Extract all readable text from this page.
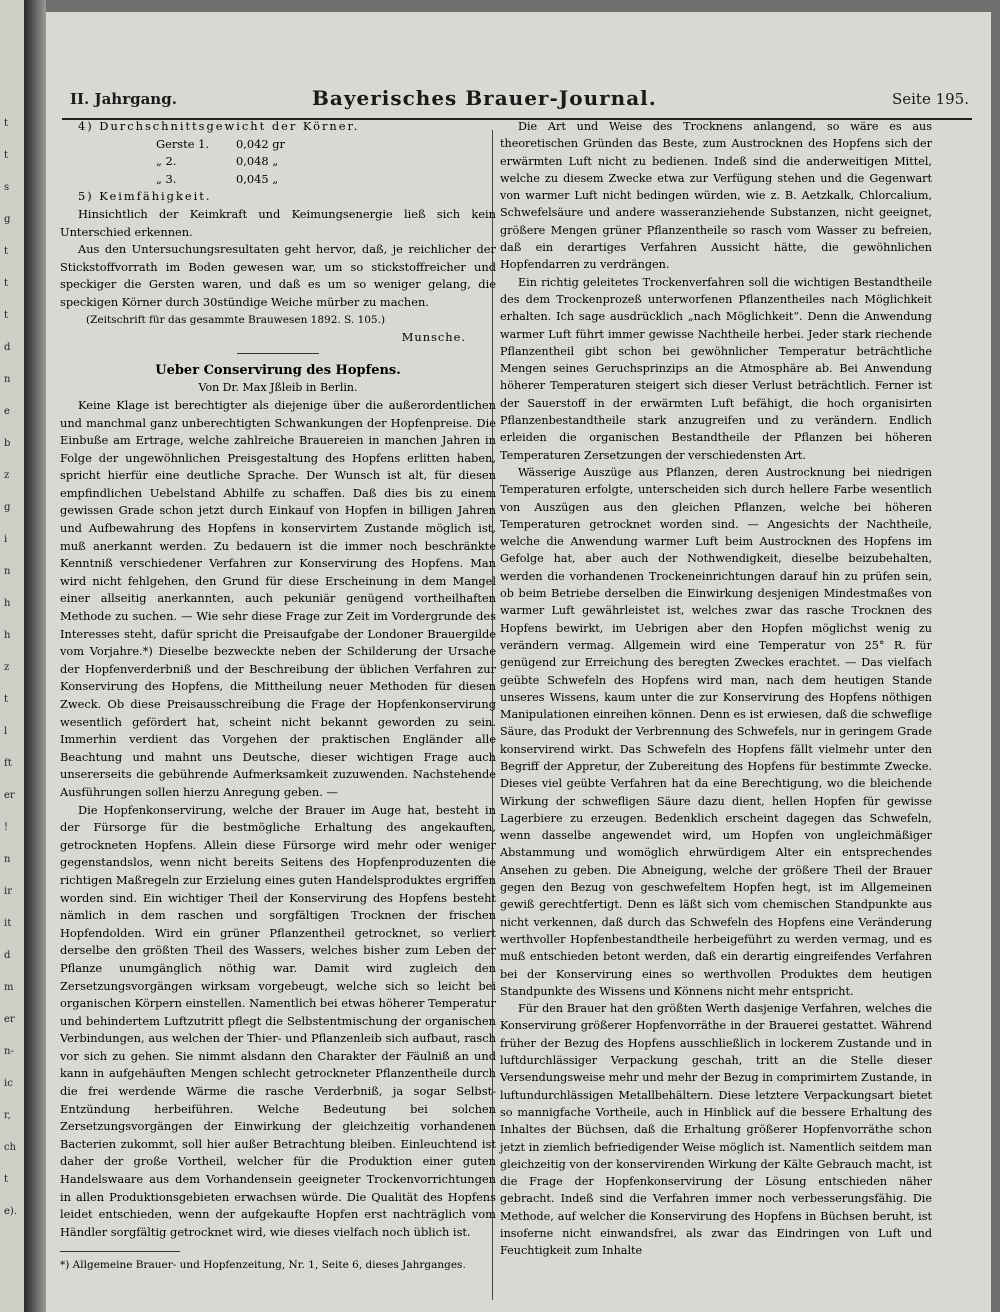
t
t
s
g
t
t
t
d
n
e
b
z
g
i
n
h
h
z
t
l
ft
er
!
n
ir
it
d
m
er
n-
ic
r,
ch
t
e).
II. Jahrgang.	Bayerisches Brauer-Journal.	Seite 195.

4) Durchschnittsgewicht der Körner.

Gerste 1. 0,042 gr

„ 2.	0,048 „

„ 3.	0,045 „

5) Keimfähigkeit.

Hinsichtlich der Keimkraft und Keimungsenergie ließ sich kein Unterschied erkennen.

Aus den Untersuchungsresultaten geht hervor, daß, je reichlicher der Stickstoffvorrath im Boden gewesen war, um so stickstoffreicher und speckiger die Gersten waren, und daß es um so weniger gelang, die speckigen Körner durch 30stündige Weiche mürber zu machen.

(Zeitschrift für das gesammte Brauwesen 1892. S. 105.)

Munsche.

Ueber Conservirung des Hopfens.

Von Dr. Max Jßleib in Berlin.

Keine Klage ist berechtigter als diejenige über die außerordentlichen und manchmal ganz unberechtigten Schwankungen der Hopfenpreise. Die Einbuße am Ertrage, welche zahlreiche Brauereien in manchen Jahren in Folge der ungewöhnlichen Preisgestaltung des Hopfens erlitten haben, spricht hierfür eine deutliche Sprache. Der Wunsch ist alt, für diesen empfindlichen Uebelstand Abhilfe zu schaffen. Daß dies bis zu einem gewissen Grade schon jetzt durch Einkauf von Hopfen in billigen Jahren und Aufbewahrung des Hopfens in konservirtem Zustande möglich ist, muß anerkannt werden. Zu bedauern ist die immer noch beschränkte Kenntniß verschiedener Verfahren zur Konservirung des Hopfens. Man wird nicht fehlgehen, den Grund für diese Erscheinung in dem Mangel einer allseitig anerkannten, auch pekuniär genügend vortheilhaften Methode zu suchen. — Wie sehr diese Frage zur Zeit im Vordergrunde des Interesses steht, dafür spricht die Preisaufgabe der Londoner Brauergilde vom Vorjahre.*) Dieselbe bezweckte neben der Schilderung der Ursache der Hopfenverderbniß und der Beschreibung der üblichen Verfahren zur Konservirung des Hopfens, die Mittheilung neuer Methoden für diesen Zweck. Ob diese Preisausschreibung die Frage der Hopfenkonservirung wesentlich gefördert hat, scheint nicht bekannt geworden zu sein. Immerhin verdient das Vorgehen der praktischen Engländer alle Beachtung und mahnt uns Deutsche, dieser wichtigen Frage auch unsererseits die gebührende Aufmerksamkeit zuzuwenden. Nachstehende Ausführungen sollen hierzu Anregung geben. —

Die Hopfenkonservirung, welche der Brauer im Auge hat, besteht in der Fürsorge für die bestmögliche Erhaltung des angekauften, getrockneten Hopfens. Allein diese Fürsorge wird mehr oder weniger gegenstandslos, wenn nicht bereits Seitens des Hopfenproduzenten die richtigen Maßregeln zur Erzielung eines guten Handelsproduktes ergriffen worden sind. Ein wichtiger Theil der Konservirung des Hopfens besteht nämlich in dem raschen und sorgfältigen Trocknen der frischen Hopfendolden. Wird ein grüner Pflanzentheil getrocknet, so verliert derselbe den größten Theil des Wassers, welches bisher zum Leben der Pflanze unumgänglich nöthig war. Damit wird zugleich den Zersetzungsvorgängen wirksam vorgebeugt, welche sich so leicht bei organischen Körpern einstellen. Namentlich bei etwas höherer Temperatur und behindertem Luftzutritt pflegt die Selbstentmischung der organischen Verbindungen, aus welchen der Thier- und Pflanzenleib sich aufbaut, rasch vor sich zu gehen. Sie nimmt alsdann den Charakter der Fäulniß an und kann in aufgehäuften Mengen schlecht getrockneter Pflanzentheile durch die frei werdende Wärme die rasche Verderbniß, ja sogar Selbst-Entzündung herbeiführen. Welche Bedeutung bei solchen Zersetzungsvorgängen der Einwirkung der gleichzeitig vorhandenen Bacterien zukommt, soll hier außer Betrachtung bleiben. Einleuchtend ist daher der große Vortheil, welcher für die Produktion einer guten Handelswaare aus dem Vorhandensein geeigneter Trockenvorrichtungen in allen Produktionsgebieten erwachsen würde. Die Qualität des Hopfens leidet entschieden, wenn der aufgekaufte Hopfen erst nachträglich vom Händler sorgfältig getrocknet wird, wie dieses vielfach noch üblich ist.

*) Allgemeine Brauer- und Hopfenzeitung, Nr. 1, Seite 6, dieses Jahrganges.

Die Art und Weise des Trocknens anlangend, so wäre es aus theoretischen Gründen das Beste, zum Austrocknen des Hopfens sich der erwärmten Luft nicht zu bedienen. Indeß sind die anderweitigen Mittel, welche zu diesem Zwecke etwa zur Verfügung stehen und die Gegenwart von warmer Luft nicht bedingen würden, wie z. B. Aetzkalk, Chlorcalium, Schwefelsäure und andere wasseranziehende Substanzen, nicht geeignet, größere Mengen grüner Pflanzentheile so rasch vom Wasser zu befreien, daß ein derartiges Verfahren Aussicht hätte, die gewöhnlichen Hopfendarren zu verdrängen.

Ein richtig geleitetes Trockenverfahren soll die wichtigen Bestandtheile des dem Trockenprozeß unterworfenen Pflanzentheiles nach Möglichkeit erhalten. Ich sage ausdrücklich „nach Möglichkeit“. Denn die Anwendung warmer Luft führt immer gewisse Nachtheile herbei. Jeder stark riechende Pflanzentheil gibt schon bei gewöhnlicher Temperatur beträchtliche Mengen seines Geruchsprinzips an die Atmosphäre ab. Bei Anwendung höherer Temperaturen steigert sich dieser Verlust beträchtlich. Ferner ist der Sauerstoff in der erwärmten Luft befähigt, die hoch organisirten Pflanzenbestandtheile stark anzugreifen und zu verändern. Endlich erleiden die organischen Bestandtheile der Pflanzen bei höheren Temperaturen Zersetzungen der verschiedensten Art.

Wässerige Auszüge aus Pflanzen, deren Austrocknung bei niedrigen Temperaturen erfolgte, unterscheiden sich durch hellere Farbe wesentlich von Auszügen aus den gleichen Pflanzen, welche bei höheren Temperaturen getrocknet worden sind. — Angesichts der Nachtheile, welche die Anwendung warmer Luft beim Austrocknen des Hopfens im Gefolge hat, aber auch der Nothwendigkeit, dieselbe beizubehalten, werden die vorhandenen Trockeneinrichtungen darauf hin zu prüfen sein, ob beim Betriebe derselben die Einwirkung desjenigen Mindestmaßes von warmer Luft gewährleistet ist, welches zwar das rasche Trocknen des Hopfens bewirkt, im Uebrigen aber den Hopfen möglichst wenig zu verändern vermag. Allgemein wird eine Temperatur von 25° R. für genügend zur Erreichung des beregten Zweckes erachtet. — Das vielfach geübte Schwefeln des Hopfens wird man, nach dem heutigen Stande unseres Wissens, kaum unter die zur Konservirung des Hopfens nöthigen Manipulationen einreihen können. Denn es ist erwiesen, daß die schweflige Säure, das Produkt der Verbrennung des Schwefels, nur in geringem Grade konservirend wirkt. Das Schwefeln des Hopfens fällt vielmehr unter den Begriff der Appretur, der Zubereitung des Hopfens für bestimmte Zwecke. Dieses viel geübte Verfahren hat da eine Berechtigung, wo die bleichende Wirkung der schwefligen Säure dazu dient, hellen Hopfen für gewisse Lagerbiere zu erzeugen. Bedenklich erscheint dagegen das Schwefeln, wenn dasselbe angewendet wird, um Hopfen von ungleichmäßiger Abstammung und womöglich ehrwürdigem Alter ein entsprechendes Ansehen zu geben. Die Abneigung, welche der größere Theil der Brauer gegen den Bezug von geschwefeltem Hopfen hegt, ist im Allgemeinen gewiß gerechtfertigt. Denn es läßt sich vom chemischen Standpunkte aus nicht verkennen, daß durch das Schwefeln des Hopfens eine Veränderung werthvoller Hopfenbestandtheile herbeigeführt zu werden vermag, und es muß entschieden betont werden, daß ein derartig eingreifendes Verfahren bei der Konservirung eines so werthvollen Produktes dem heutigen Standpunkte des Wissens und Könnens nicht mehr entspricht.

Für den Brauer hat den größten Werth dasjenige Verfahren, welches die Konservirung größerer Hopfenvorräthe in der Brauerei gestattet. Während früher der Bezug des Hopfens ausschließlich in lockerem Zustande und in luftdurchlässiger Verpackung geschah, tritt an die Stelle dieser Versendungsweise mehr und mehr der Bezug in comprimirtem Zustande, in luftundurchlässigen Metallbehältern. Diese letztere Verpackungsart bietet so mannigfache Vortheile, auch in Hinblick auf die bessere Erhaltung des Inhaltes der Büchsen, daß die Erhaltung größerer Hopfenvorräthe schon jetzt in ziemlich befriedigender Weise möglich ist. Namentlich seitdem man gleichzeitig von der konservirenden Wirkung der Kälte Gebrauch macht, ist die Frage der Hopfenkonservirung der Lösung entschieden näher gebracht. Indeß sind die Verfahren immer noch verbesserungsfähig. Die Methode, auf welcher die Konservirung des Hopfens in Büchsen beruht, ist insoferne nicht einwandsfrei, als zwar das Eindringen von Luft und Feuchtigkeit zum Inhalte
